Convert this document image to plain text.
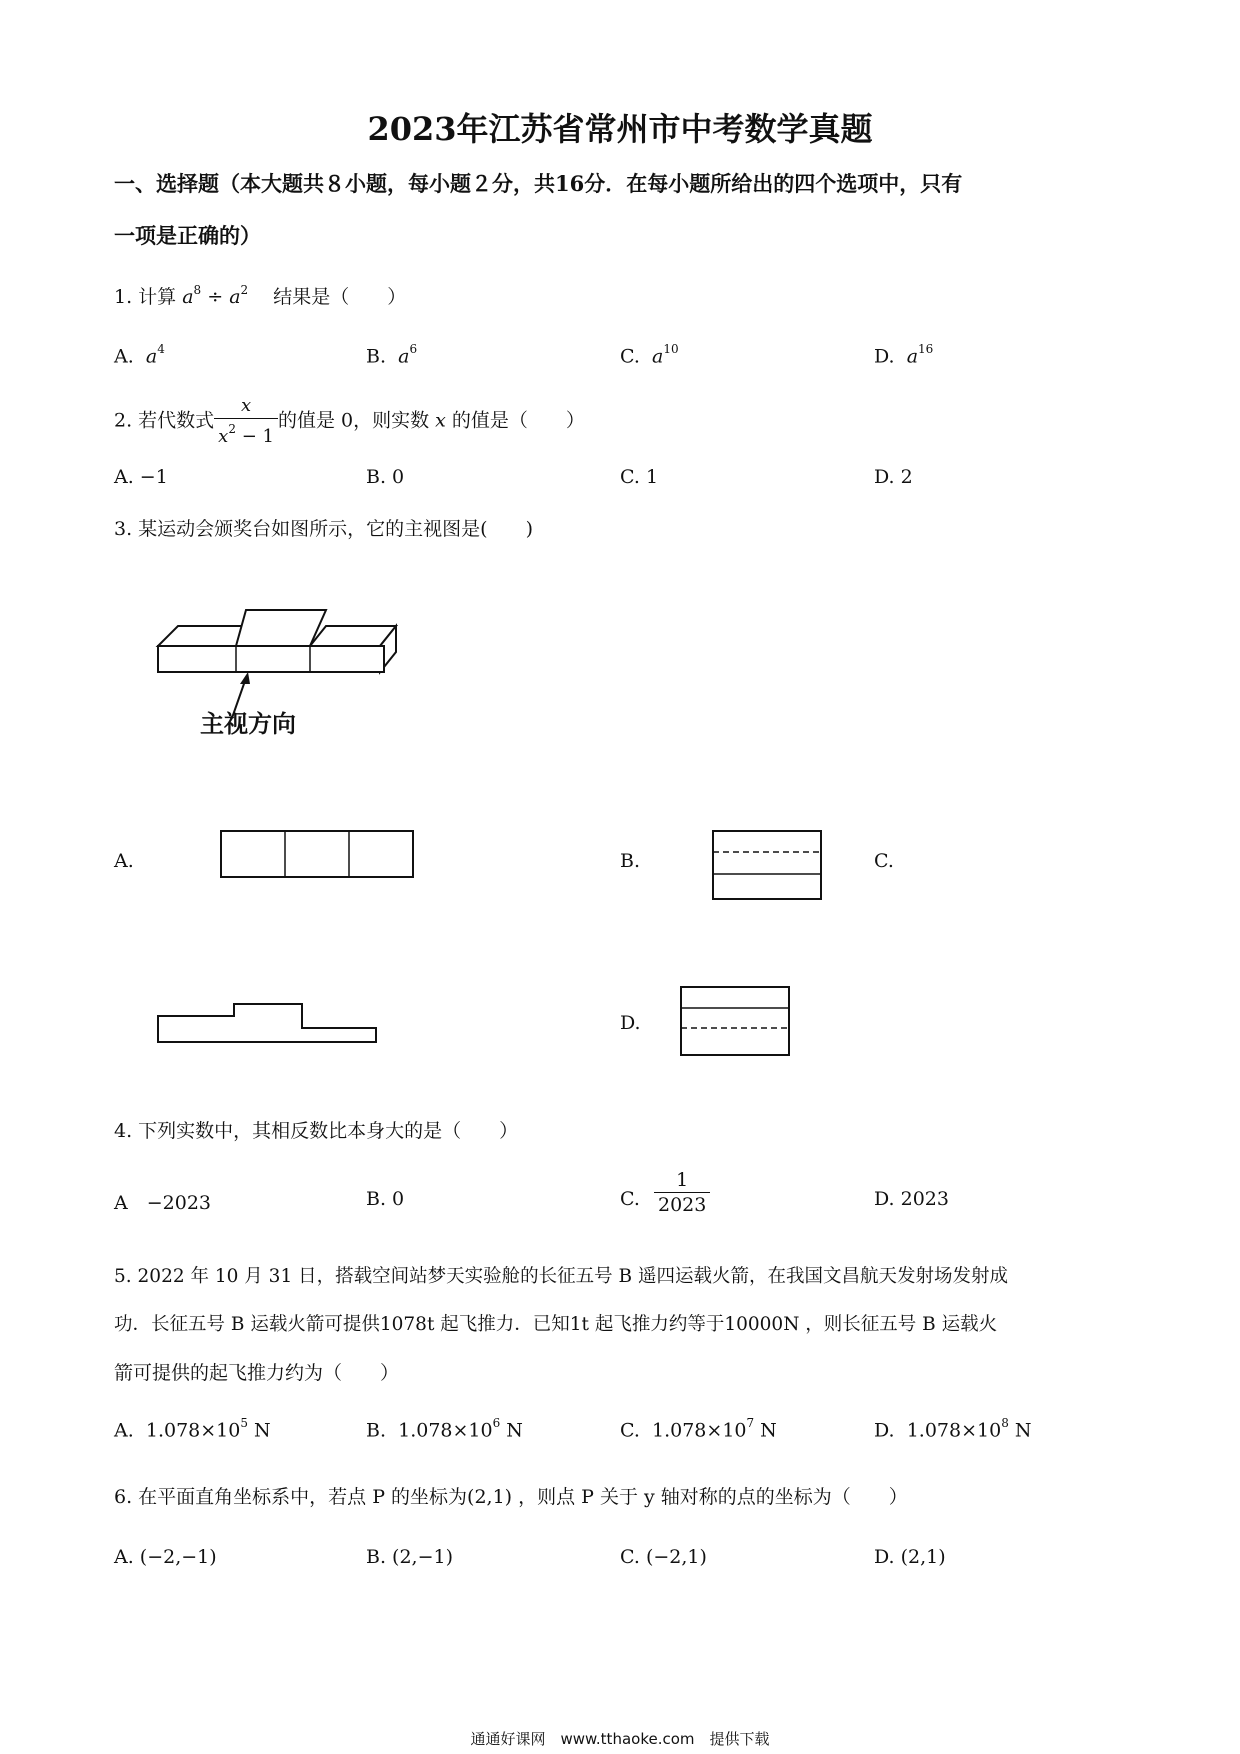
2023年江苏省常州市中考数学真题
一、选择题（本大题共８小题，每小题２分，共16分．在每小题所给出的四个选项中，只有
一项是正确的）
1. 计算 $a^8 \div a^2$ 　结果是（　　）
A. $a^4$	B. $a^6$	C. $a^{10}$	D. $a^{16}$
2. 若代数式 $\frac{x}{x^2 - 1}$ 的值是 0，则实数 x 的值是（　　）
A. −1	B. 0	C. 1	D. 2
3. 某运动会颁奖台如图所示，它的主视图是(　　)
主视方向
A.	B.	C.
D.
4. 下列实数中，其相反数比本身大的是（　　）
A　−2023	B. 0	C. $\frac{1}{2023}$	D. 2023
5. 2022 年 10 月 31 日，搭载空间站梦天实验舱的长征五号 B 遥四运载火箭，在我国文昌航天发射场发射成
功．长征五号 B 运载火箭可提供1078t 起飞推力．已知1t 起飞推力约等于10000N ，则长征五号 B 运载火
箭可提供的起飞推力约为（　　）
A. $1.078\times 10^5$ N	B. $1.078\times 10^6$ N	C. $1.078\times 10^7$ N	D. $1.078\times 10^8$ N
6. 在平面直角坐标系中，若点 P 的坐标为(2,1) ，则点 P 关于 y 轴对称的点的坐标为（　　）
A. (−2,−1)	B. (2,−1)	C. (−2,1)	D. (2,1)
通通好课网　www.tthaoke.com　提供下载
